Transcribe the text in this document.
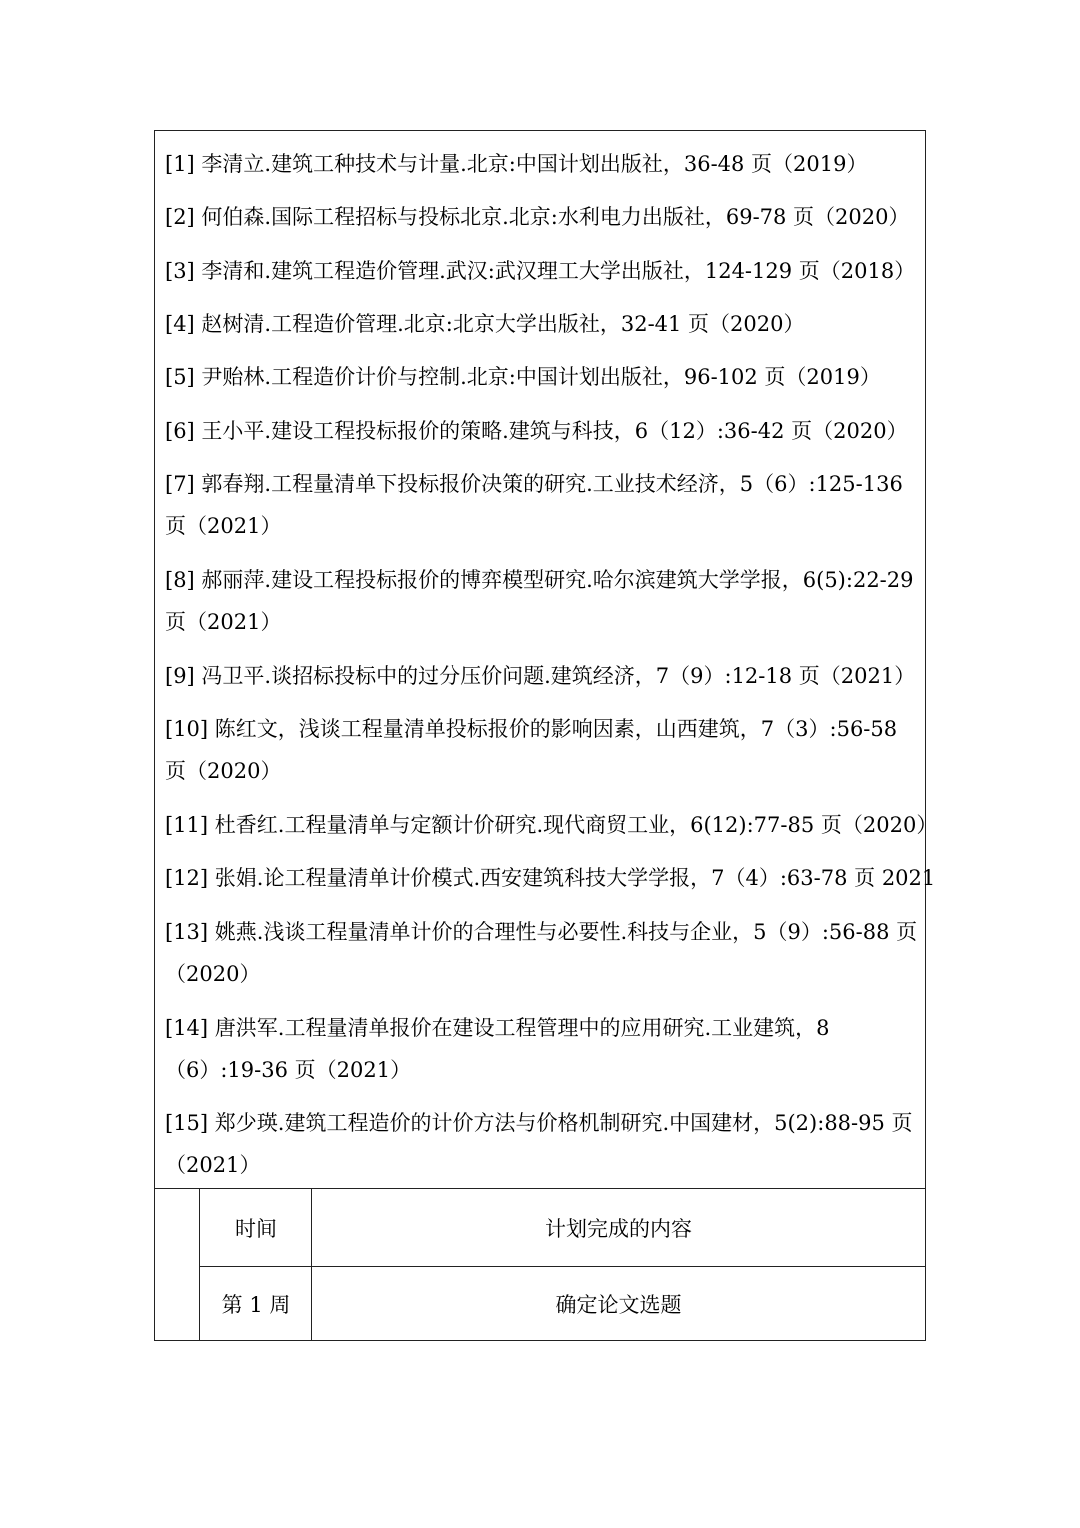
[1] 李清立.建筑工种技术与计量.北京:中国计划出版社，36-48 页（2019）
[2] 何伯森.国际工程招标与投标北京.北京:水利电力出版社，69-78 页（2020）
[3] 李清和.建筑工程造价管理.武汉:武汉理工大学出版社，124-129 页（2018）
[4] 赵树清.工程造价管理.北京:北京大学出版社，32-41 页（2020）
[5] 尹贻林.工程造价计价与控制.北京:中国计划出版社，96-102 页（2019）
[6] 王小平.建设工程投标报价的策略.建筑与科技，6（12）:36-42 页（2020）
[7] 郭春翔.工程量清单下投标报价决策的研究.工业技术经济，5（6）:125-136
页（2021）
[8] 郝丽萍.建设工程投标报价的博弈模型研究.哈尔滨建筑大学学报，6(5):22-29
页（2021）
[9] 冯卫平.谈招标投标中的过分压价问题.建筑经济，7（9）:12-18 页（2021）
[10] 陈红文，浅谈工程量清单投标报价的影响因素，山西建筑，7（3）:56-58
页（2020）
[11] 杜香红.工程量清单与定额计价研究.现代商贸工业，6(12):77-85 页（2020）
[12] 张娟.论工程量清单计价模式.西安建筑科技大学学报，7（4）:63-78 页 2021
[13] 姚燕.浅谈工程量清单计价的合理性与必要性.科技与企业，5（9）:56-88 页
（2020）
[14] 唐洪军.工程量清单报价在建设工程管理中的应用研究.工业建筑，8
（6）:19-36 页（2021）
[15] 郑少瑛.建筑工程造价的计价方法与价格机制研究.中国建材，5(2):88-95 页
（2021）
时间	计划完成的内容
第 1 周	确定论文选题
